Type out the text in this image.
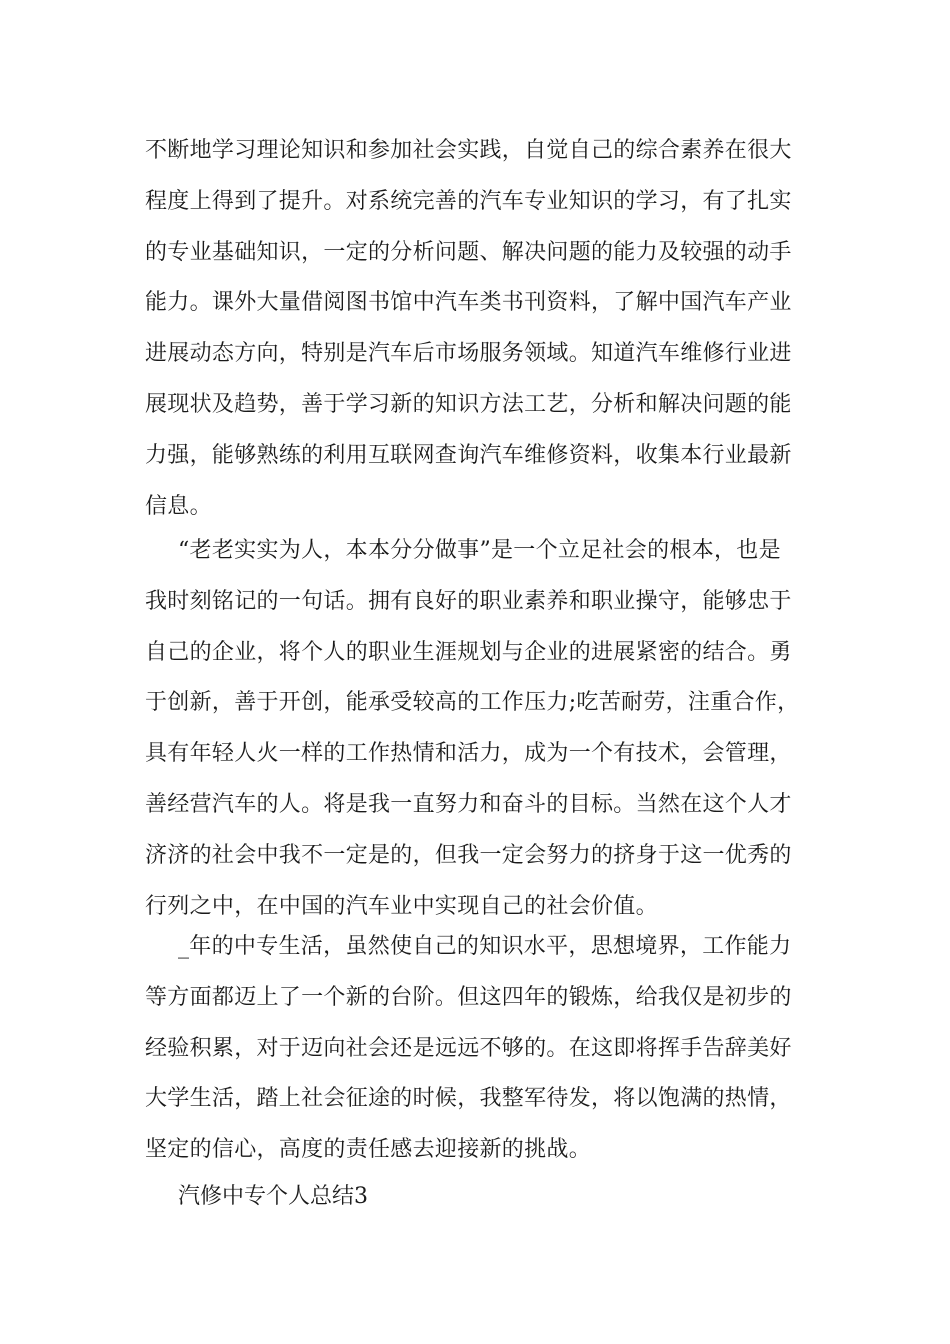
不断地学习理论知识和参加社会实践，自觉自己的综合素养在很大
程度上得到了提升。对系统完善的汽车专业知识的学习，有了扎实
的专业基础知识，一定的分析问题、解决问题的能力及较强的动手
能力。课外大量借阅图书馆中汽车类书刊资料，了解中国汽车产业
进展动态方向，特别是汽车后市场服务领域。知道汽车维修行业进
展现状及趋势，善于学习新的知识方法工艺，分析和解决问题的能
力强，能够熟练的利用互联网查询汽车维修资料，收集本行业最新
信息。
“老老实实为人，本本分分做事”是一个立足社会的根本，也是
我时刻铭记的一句话。拥有良好的职业素养和职业操守，能够忠于
自己的企业，将个人的职业生涯规划与企业的进展紧密的结合。勇
于创新，善于开创，能承受较高的工作压力;吃苦耐劳，注重合作，
具有年轻人火一样的工作热情和活力，成为一个有技术，会管理，
善经营汽车的人。将是我一直努力和奋斗的目标。当然在这个人才
济济的社会中我不一定是的，但我一定会努力的挤身于这一优秀的
行列之中，在中国的汽车业中实现自己的社会价值。
_年的中专生活，虽然使自己的知识水平，思想境界，工作能力
等方面都迈上了一个新的台阶。但这四年的锻炼，给我仅是初步的
经验积累，对于迈向社会还是远远不够的。在这即将挥手告辞美好
大学生活，踏上社会征途的时候，我整军待发，将以饱满的热情，
坚定的信心，高度的责任感去迎接新的挑战。

汽修中专个人总结3
